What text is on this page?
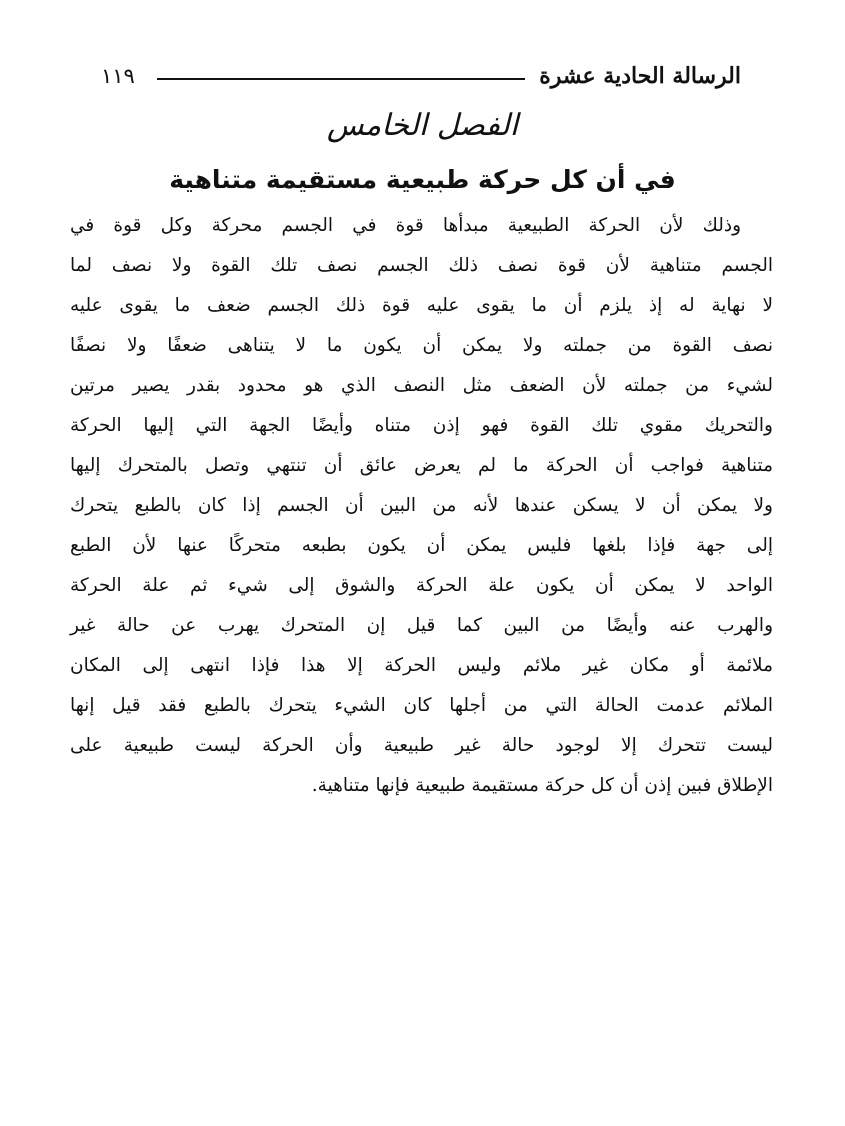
الرسالة الحادية عشرة
١١٩
الفصل الخامس
في أن كل حركة طبيعية مستقيمة متناهية
وذلك لأن الحركة الطبيعية مبدأها قوة في الجسم محركة وكل قوة في
الجسم متناهية لأن قوة نصف ذلك الجسم نصف تلك القوة ولا نصف لما
لا نهاية له إذ يلزم أن ما يقوى عليه قوة ذلك الجسم ضعف ما يقوى عليه
نصف القوة من جملته ولا يمكن أن يكون ما لا يتناهى ضعفًا ولا نصفًا
لشيء من جملته لأن الضعف مثل النصف الذي هو محدود بقدر يصير مرتين
والتحريك مقوي تلك القوة فهو إذن متناه وأيضًا الجهة التي إليها الحركة
متناهية فواجب أن الحركة ما لم يعرض عائق أن تنتهي وتصل بالمتحرك إليها
ولا يمكن أن لا يسكن عندها لأنه من البين أن الجسم إذا كان بالطبع يتحرك
إلى جهة فإذا بلغها فليس يمكن أن يكون بطبعه متحركًا عنها لأن الطبع
الواحد لا يمكن أن يكون علة الحركة والشوق إلى شيء ثم علة الحركة
والهرب عنه وأيضًا من البين كما قيل إن المتحرك يهرب عن حالة غير
ملائمة أو مكان غير ملائم وليس الحركة إلا هذا فإذا انتهى إلى المكان
الملائم عدمت الحالة التي من أجلها كان الشيء يتحرك بالطبع فقد قيل إنها
ليست تتحرك إلا لوجود حالة غير طبيعية وأن الحركة ليست طبيعية على
الإطلاق فبين إذن أن كل حركة مستقيمة طبيعية فإنها متناهية.
